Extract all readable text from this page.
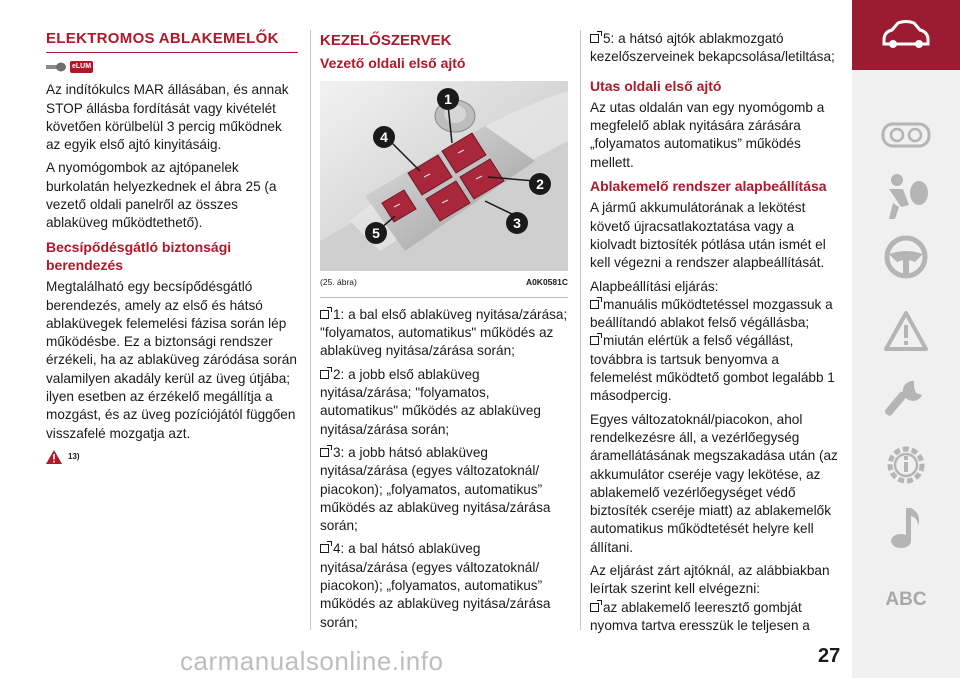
ELEKTROMOS ABLAKEMELŐK
eLUM

Az indítókulcs MAR állásában, és annak STOP állásba fordítását vagy kivételét követően körülbelül 3 percig működnek az egyik első ajtó kinyitásáig.

A nyomógombok az ajtópanelek burkolatán helyezkednek el ábra 25 (a vezető oldali panelről az összes ablaküveg működtethető).

Becsípődésgátló biztonsági berendezés

Megtalálható egy becsípődésgátló berendezés, amely az első és hátsó ablaküvegek felemelési fázisa során lép működésbe. Ez a biztonsági rendszer érzékeli, ha az ablaküveg záródása során valamilyen akadály kerül az üveg útjába; ilyen esetben az érzékelő megállítja a mozgást, és az üveg pozíciójától függően visszafelé mozgatja azt.

13)
KEZELŐSZERVEK
Vezető oldali első ajtó
1
2
3
4
5
(25. ábra)	A0K0581C

1: a bal első ablaküveg nyitása/zárása; "folyamatos, automatikus" működés az ablaküveg nyitása/zárása során;

2: a jobb első ablaküveg nyitása/zárása; "folyamatos, automatikus" működés az ablaküveg nyitása/zárása során;

3: a jobb hátsó ablaküveg nyitása/zárása (egyes változatoknál/ piacokon); „folyamatos, automatikus” működés az ablaküveg nyitása/zárása során;

4: a bal hátsó ablaküveg nyitása/zárása (egyes változatoknál/ piacokon); „folyamatos, automatikus” működés az ablaküveg nyitása/zárása során;

5: a hátsó ajtók ablakmozgató kezelőszerveinek bekapcsolása/letiltása;

Utas oldali első ajtó

Az utas oldalán van egy nyomógomb a megfelelő ablak nyitására zárására „folyamatos automatikus” működés mellett.

Ablakemelő rendszer alapbeállítása

A jármű akkumulátorának a lekötést követő újracsatlakoztatása vagy a kiolvadt biztosíték pótlása után ismét el kell végezni a rendszer alapbeállítását.

Alapbeállítási eljárás:

manuális működtetéssel mozgassuk a beállítandó ablakot felső végállásba;

miután elértük a felső végállást, továbbra is tartsuk benyomva a felemelést működtető gombot legalább 1 másodpercig.

Egyes változatoknál/piacokon, ahol rendelkezésre áll, a vezérlőegység áramellátásának megszakadása után (az akkumulátor cseréje vagy lekötése, az ablakemelő vezérlőegységet védő biztosíték cseréje miatt) az ablakemelők automatikus működtetését helyre kell állítani.

Az eljárást zárt ajtóknál, az alábbiakban leírtak szerint kell elvégezni:

az ablakemelő leeresztő gombját nyomva tartva eresszük le teljesen a

ABC
carmanualsonline.info	27
